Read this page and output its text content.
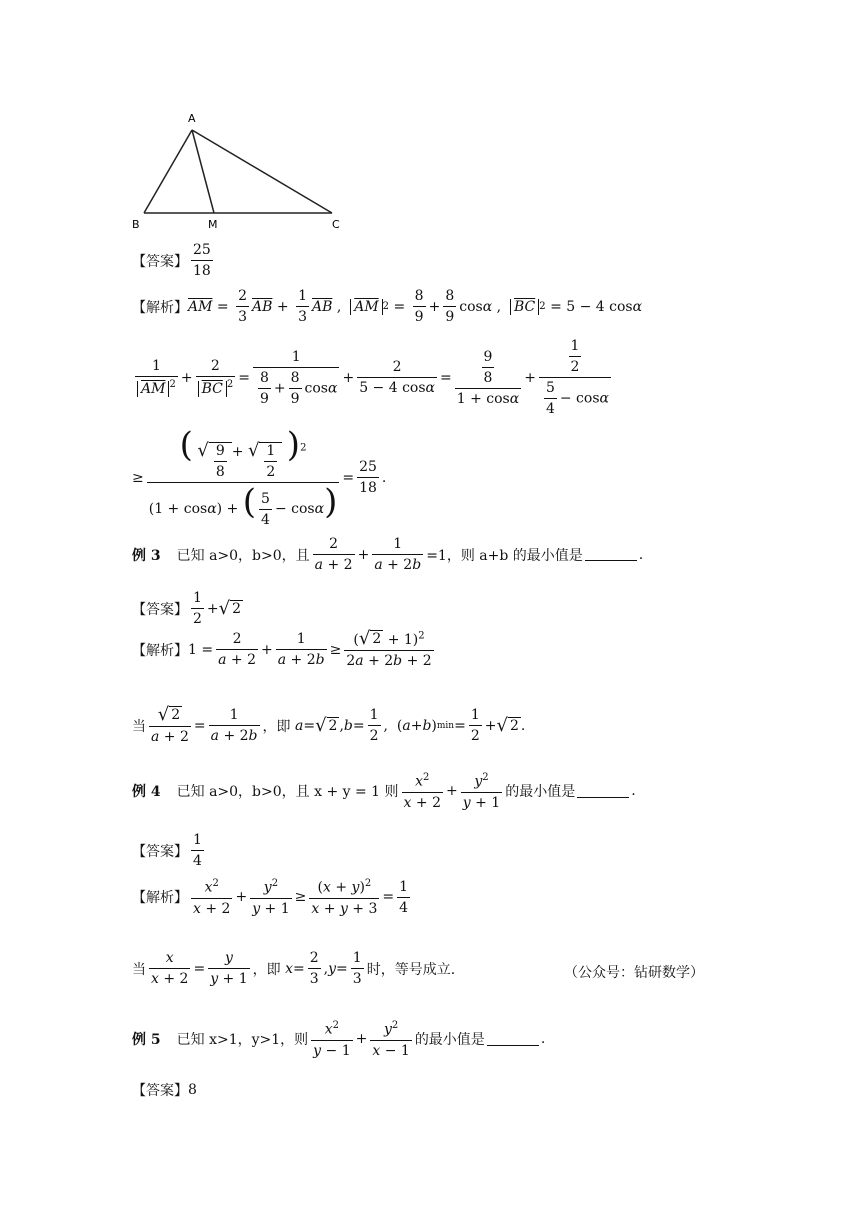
A
B	M	C
【答案】 $\frac{25}{18}$
【解析】 $\overline{AM} = \frac{2}{3} \overline{AB} + \frac{1}{3} \overline{AB}$ , $\overline{AM}$ $2 = \frac{8}{9} + \frac{8}{9}$ cos α , $\overline{BC}$ 2 = 5 − 4 cos α
$\frac{1}{\overline{AM} ^2} + \frac{2}{\overline{BC} ^2} = \frac{1}{\frac{8}{9} + \frac{8}{9} \cos\alpha} + \frac{2}{5 - 4 \cos\alpha} = \frac{\frac{9}{8}}{1 + \cos\alpha} + \frac{\frac{1}{2}}{\frac{5}{4} - \cos\alpha}$
≥ $\frac{( √ \frac{9}{8} + √ \frac{1}{2} )^2}{(1 + \cos\alpha) + ( \frac{5}{4} - \cos\alpha)} = \frac{25}{18}$ .
例 3 已知 a>0，b>0，且 $\frac{2}{a + 2} + \frac{1}{a + 2b} =1$，则 a+b 的最小值是	.
【答案】 $\frac{1}{2}$ + √ 2
【解析】 $1 = \frac{2}{a + 2} + \frac{1}{a + 2b} \ge \frac{( √ 2 + 1)^2}{2a + 2b + 2}$
当 $\frac{√ 2}{a + 2} = \frac{1}{a + 2b}$ ，即
a = √ 2 , $b = \frac{1}{2}$ ,  ( a + b ) $\min = \frac{1}{2}$ + √ 2 .
例 4 已知 a>0，b>0，且 x + y = 1 则 $\frac{x^2}{x + 2} + \frac{y^2}{y + 1}$ 的最小值是	.
【答案】 $\frac{1}{4}$
【解析】 $\frac{x^2}{x + 2} + \frac{y^2}{y + 1} \ge \frac{(x + y)^2}{x + y + 3} = \frac{1}{4}$
当 $\frac{x}{x + 2} = \frac{y}{y + 1}$ ，即
$x = \frac{2}{3}$ , $y = \frac{1}{3}$ 时，等号成立.	（公众号：钻研数学）
例 5 已知 x>1，y>1，则 $\frac{x^2}{y - 1} + \frac{y^2}{x - 1}$ 的最小值是	.
【答案】 8
